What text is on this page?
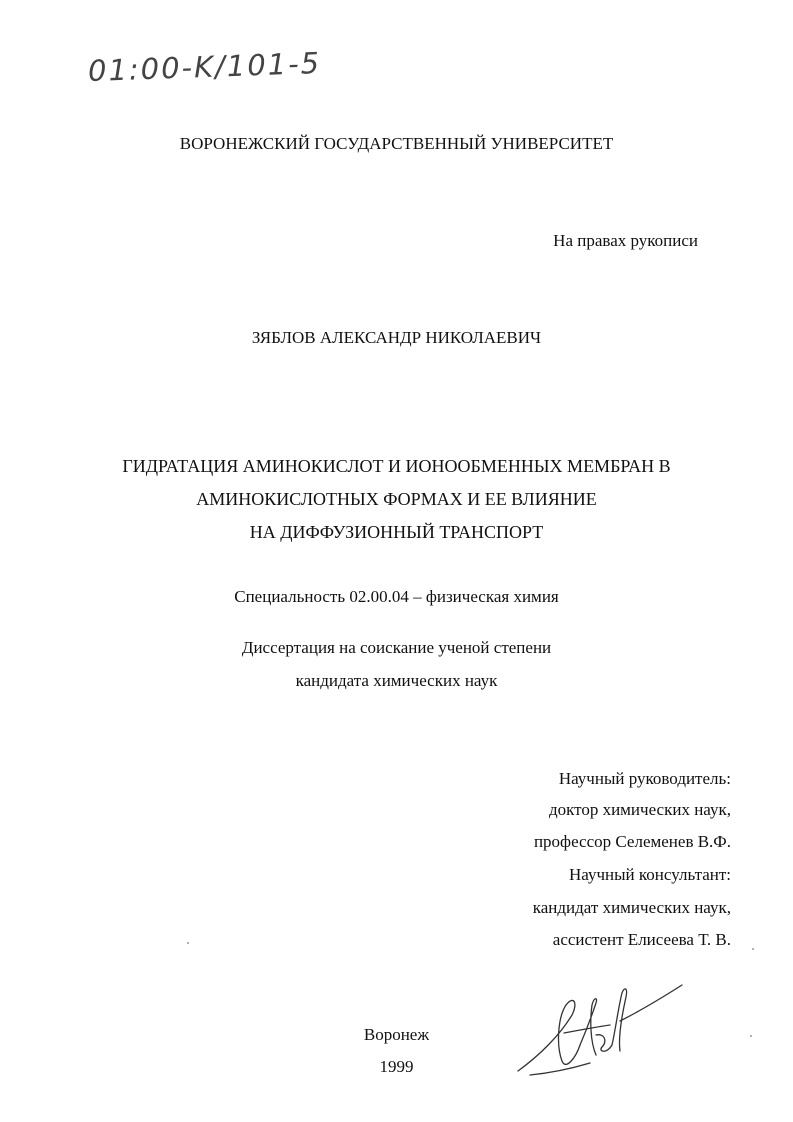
01:00-K/101-5
ВОРОНЕЖСКИЙ ГОСУДАРСТВЕННЫЙ УНИВЕРСИТЕТ
На правах рукописи
ЗЯБЛОВ АЛЕКСАНДР НИКОЛАЕВИЧ
ГИДРАТАЦИЯ АМИНОКИСЛОТ И ИОНООБМЕННЫХ МЕМБРАН В
АМИНОКИСЛОТНЫХ ФОРМАХ И ЕЕ ВЛИЯНИЕ
НА ДИФФУЗИОННЫЙ ТРАНСПОРТ
Специальность 02.00.04 – физическая химия
Диссертация на соискание ученой степени
кандидата химических наук
Научный руководитель:
доктор химических наук,
профессор Селеменев В.Ф.
Научный консультант:
кандидат химических наук,
ассистент Елисеева Т. В.
Воронеж
1999
